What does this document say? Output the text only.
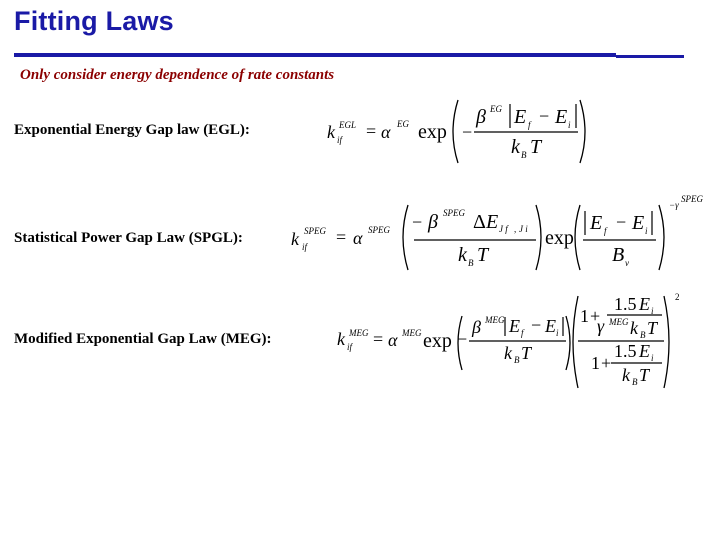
Fitting Laws
Only consider energy dependence of rate constants
Exponential Energy Gap law (EGL):
Statistical Power Gap Law (SPGL):
Modified Exponential Gap Law (MEG):
k EGL
if = α EG exp −
β EG E f − E i
k B T
k SPEG
if = α SPEG − β SPEG Δ E J f , J i
k B T
exp
E f − E i
B ν
−γ
SPEG
k MEG
if = α MEG exp −
β MEG E f − E i
k B T
1 +
1.5 E i
γ MEG k B T
1.5 E i
1 +
k B T
2
